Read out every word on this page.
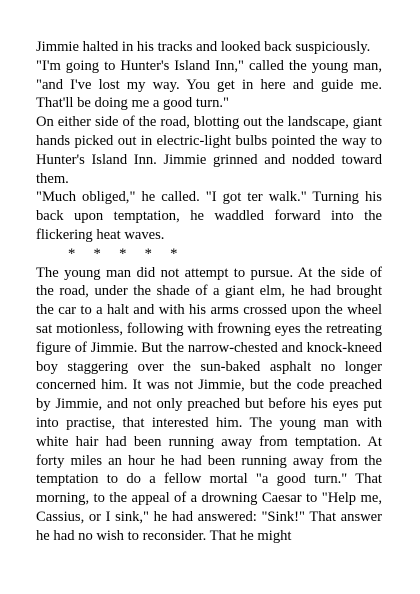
Jimmie halted in his tracks and looked back suspiciously.

"I'm going to Hunter's Island Inn," called the young man, "and I've lost my way. You get in here and guide me. That'll be doing me a good turn."

On either side of the road, blotting out the landscape, giant hands picked out in electric-light bulbs pointed the way to Hunter's Island Inn. Jimmie grinned and nodded toward them.

"Much obliged," he called. "I got ter walk." Turning his back upon temptation, he waddled forward into the flickering heat waves.

*     *     *     *     *

The young man did not attempt to pursue. At the side of the road, under the shade of a giant elm, he had brought the car to a halt and with his arms crossed upon the wheel sat motionless, following with frowning eyes the retreating figure of Jimmie. But the narrow-chested and knock-kneed boy staggering over the sun-baked asphalt no longer concerned him. It was not Jimmie, but the code preached by Jimmie, and not only preached but before his eyes put into practise, that interested him. The young man with white hair had been running away from temptation. At forty miles an hour he had been running away from the temptation to do a fellow mortal "a good turn." That morning, to the appeal of a drowning Caesar to "Help me, Cassius, or I sink," he had answered: "Sink!" That answer he had no wish to reconsider. That he might
